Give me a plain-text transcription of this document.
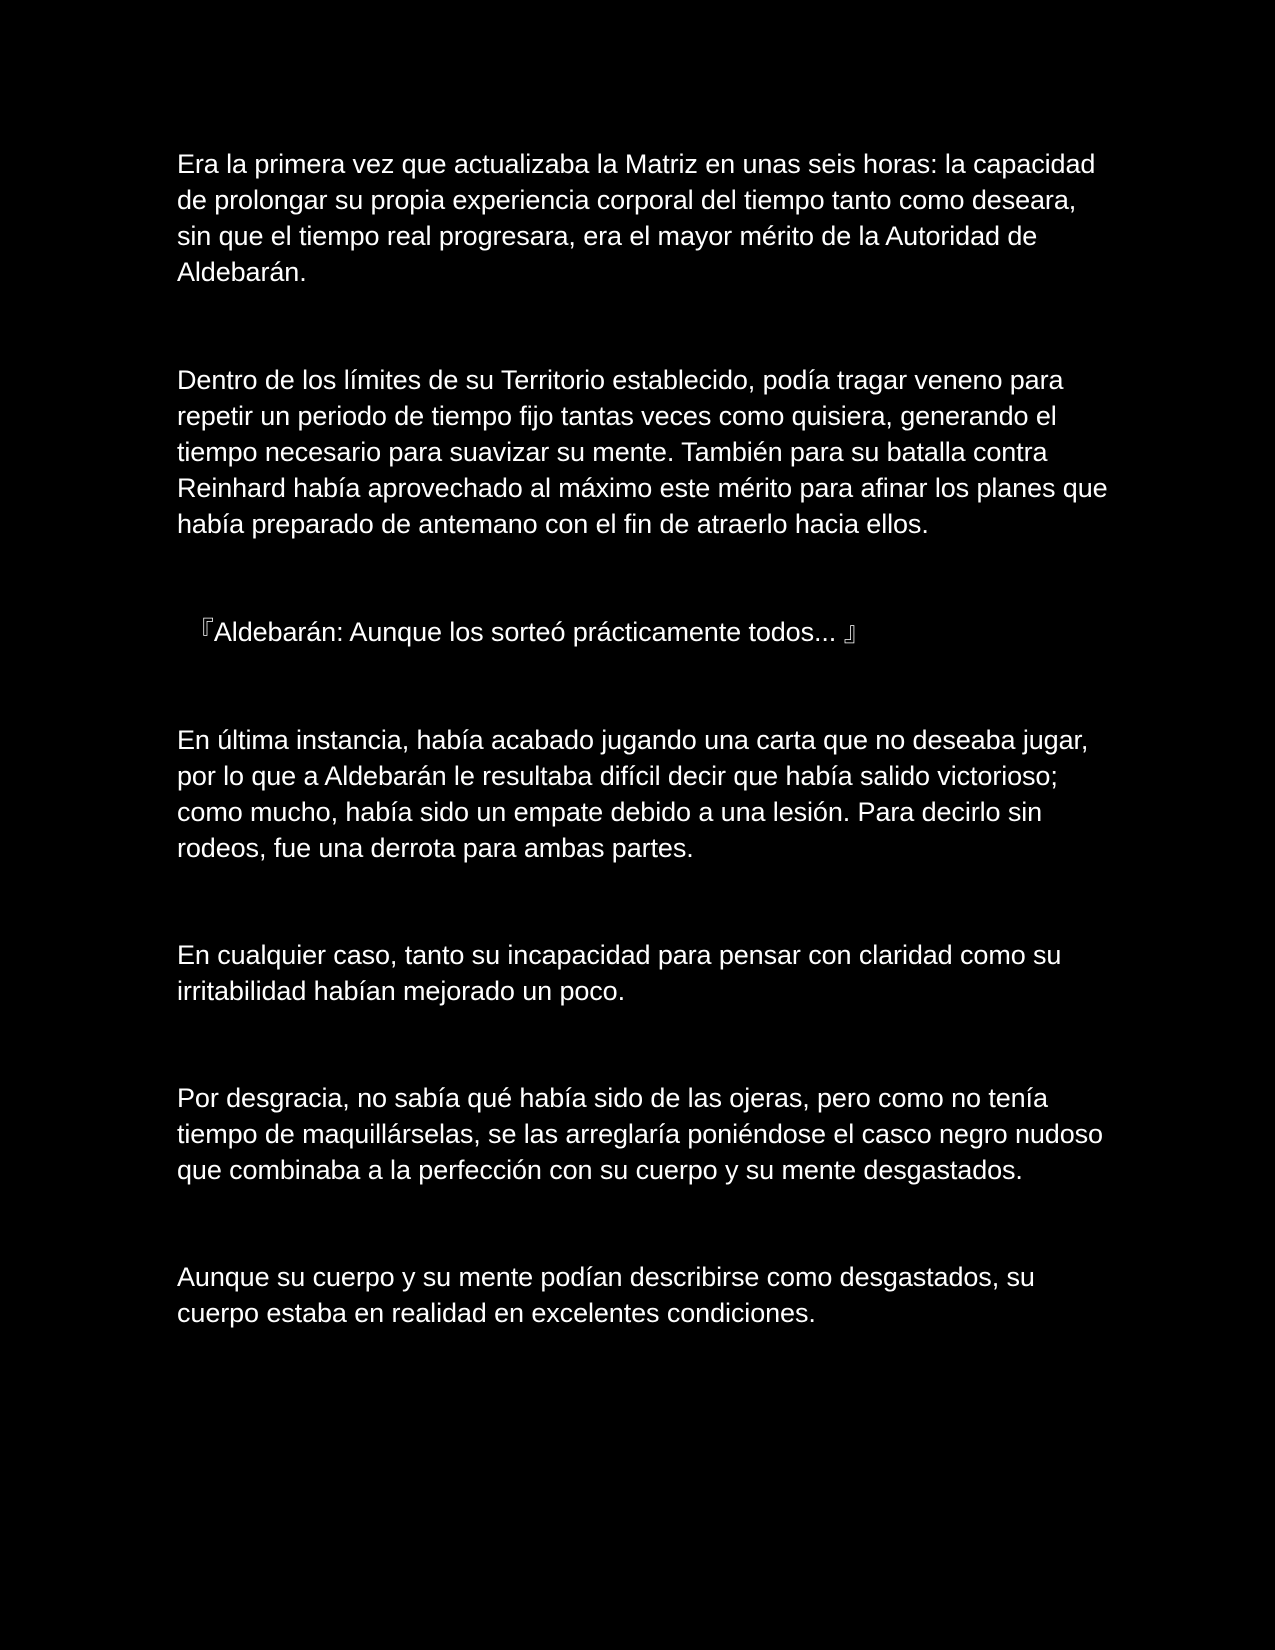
Era la primera vez que actualizaba la Matriz en unas seis horas: la capacidad de prolongar su propia experiencia corporal del tiempo tanto como deseara, sin que el tiempo real progresara, era el mayor mérito de la Autoridad de Aldebarán.

Dentro de los límites de su Territorio establecido, podía tragar veneno para repetir un periodo de tiempo fijo tantas veces como quisiera, generando el tiempo necesario para suavizar su mente. También para su batalla contra Reinhard había aprovechado al máximo este mérito para afinar los planes que había preparado de antemano con el fin de atraerlo hacia ellos.

『Aldebarán: Aunque los sorteó prácticamente todos... 』

En última instancia, había acabado jugando una carta que no deseaba jugar, por lo que a Aldebarán le resultaba difícil decir que había salido victorioso; como mucho, había sido un empate debido a una lesión. Para decirlo sin rodeos, fue una derrota para ambas partes.

En cualquier caso, tanto su incapacidad para pensar con claridad como su irritabilidad habían mejorado un poco.

Por desgracia, no sabía qué había sido de las ojeras, pero como no tenía tiempo de maquillárselas, se las arreglaría poniéndose el casco negro nudoso que combinaba a la perfección con su cuerpo y su mente desgastados.

Aunque su cuerpo y su mente podían describirse como desgastados, su cuerpo estaba en realidad en excelentes condiciones.
